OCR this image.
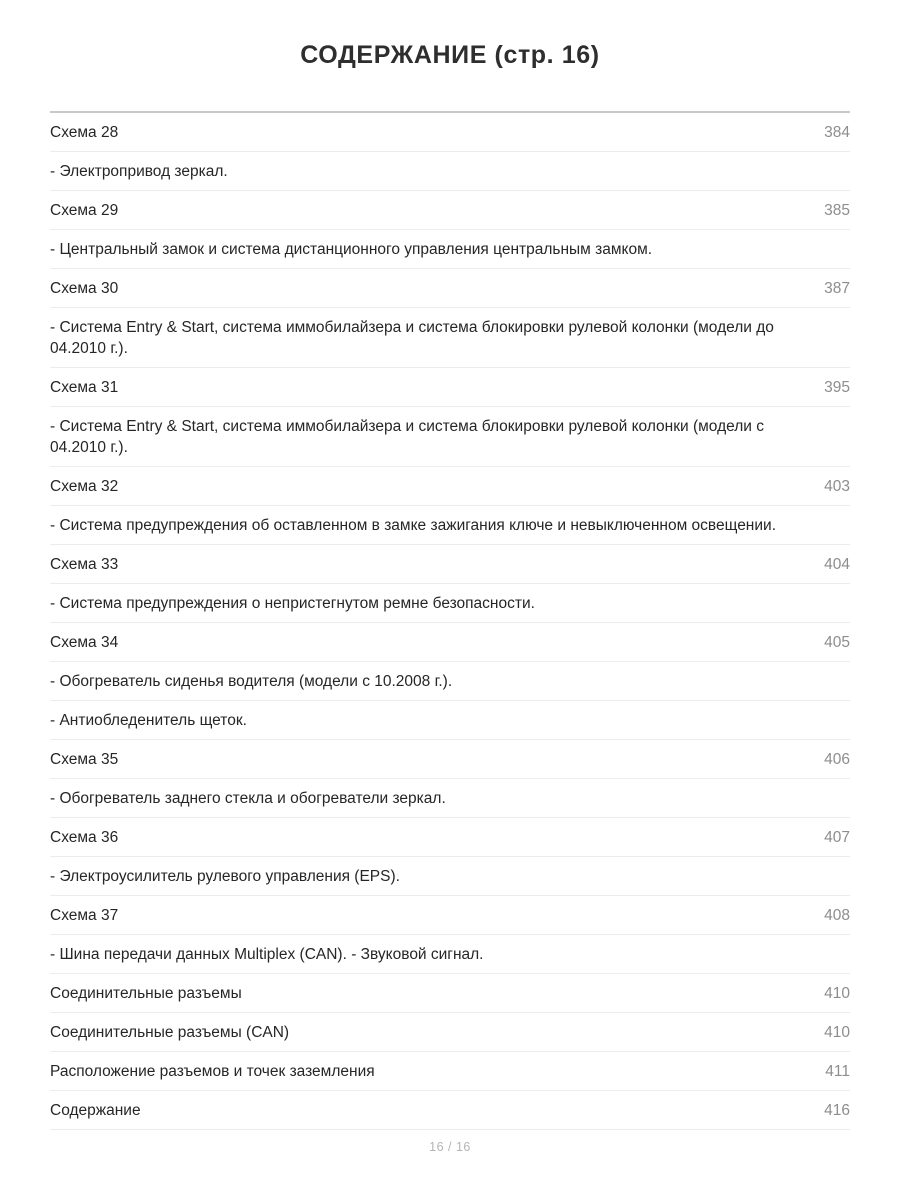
СОДЕРЖАНИЕ (стр. 16)
Схема 28	384
- Электропривод зеркал.
Схема 29	385
- Центральный замок и система дистанционного управления центральным замком.
Схема 30	387
- Система Entry & Start, система иммобилайзера и система блокировки рулевой колонки (модели до 04.2010 г.).
Схема 31	395
- Система Entry & Start, система иммобилайзера и система блокировки рулевой колонки (модели с 04.2010 г.).
Схема 32	403
- Система предупреждения об оставленном в замке зажигания ключе и невыключенном освещении.
Схема 33	404
- Система предупреждения о непристегнутом ремне безопасности.
Схема 34	405
- Обогреватель сиденья водителя (модели с 10.2008 г.).
- Антиобледенитель щеток.
Схема 35	406
- Обогреватель заднего стекла и обогреватели зеркал.
Схема 36	407
- Электроусилитель рулевого управления (EPS).
Схема 37	408
- Шина передачи данных Multiplex (CAN). - Звуковой сигнал.
Соединительные разъемы	410
Соединительные разъемы (CAN)	410
Расположение разъемов и точек заземления	411
Содержание	416
16 / 16
